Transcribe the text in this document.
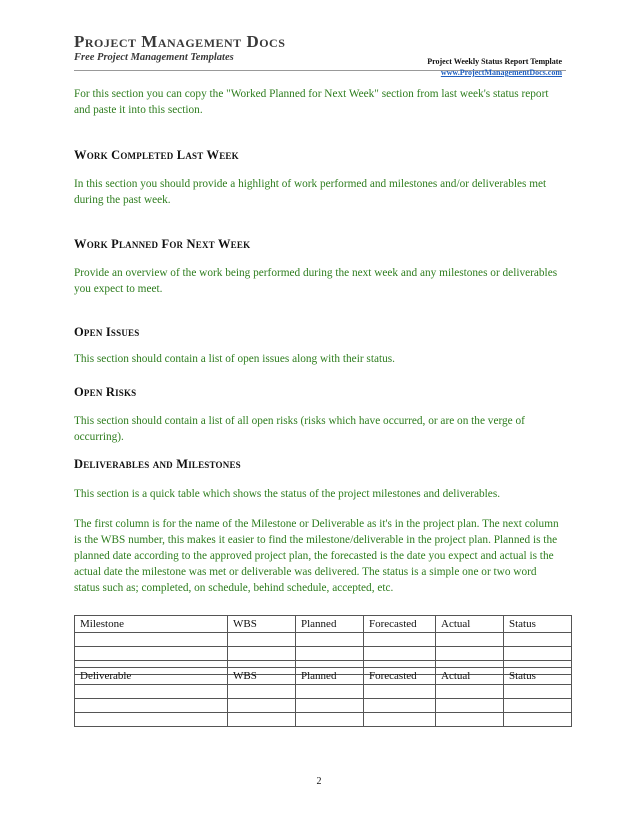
Project Management Docs
Free Project Management Templates	Project Weekly Status Report Template
www.ProjectManagementDocs.com

For this section you can copy the "Worked Planned for Next Week" section from last week's status report and paste it into this section.

Work Completed Last Week

In this section you should provide a highlight of work performed and milestones and/or deliverables met during the past week.

Work Planned For Next Week

Provide an overview of the work being performed during the next week and any milestones or deliverables you expect to meet.

Open Issues

This section should contain a list of open issues along with their status.

Open Risks

This section should contain a list of all open risks (risks which have occurred, or are on the verge of occurring).

Deliverables and Milestones

This section is a quick table which shows the status of the project milestones and deliverables.

The first column is for the name of the Milestone or Deliverable as it's in the project plan. The next column is the WBS number, this makes it easier to find the milestone/deliverable in the project plan. Planned is the planned date according to the approved project plan, the forecasted is the date you expect and actual is the actual date the milestone was met or deliverable was delivered. The status is a simple one or two word status such as; completed, on schedule, behind schedule, accepted, etc.

Milestone	WBS	Planned	Forecasted	Actual	Status

Deliverable	WBS	Planned	Forecasted	Actual	Status

2
